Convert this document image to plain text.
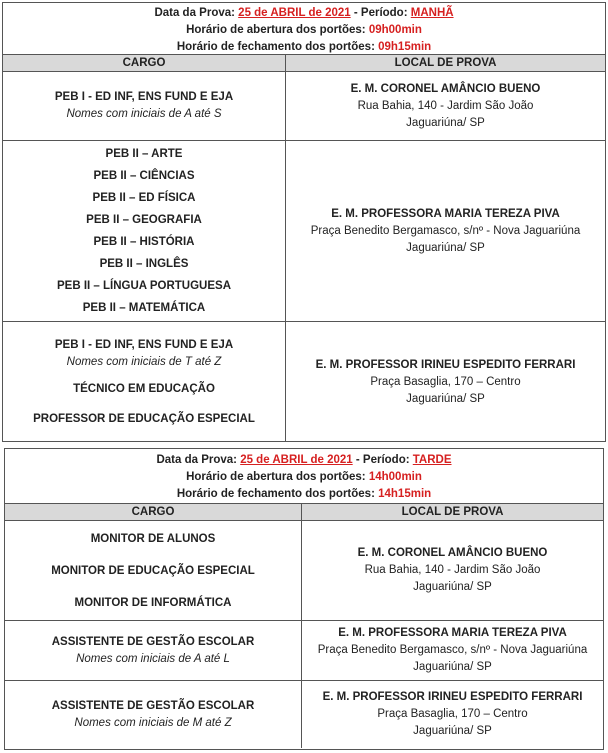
Data da Prova: 25 de ABRIL de 2021 - Período: MANHÃ
Horário de abertura dos portões: 09h00min
Horário de fechamento dos portões: 09h15min
CARGO	LOCAL DE PROVA
PEB I - ED INF, ENS FUND E EJA
Nomes com iniciais de A até S
E. M. CORONEL AMÂNCIO BUENO
Rua Bahia, 140 - Jardim São João
Jaguariúna/ SP
PEB II – ARTE
PEB II – CIÊNCIAS
PEB II – ED FÍSICA
PEB II – GEOGRAFIA
PEB II – HISTÓRIA
PEB II – INGLÊS
PEB II – LÍNGUA PORTUGUESA
PEB II – MATEMÁTICA
E. M. PROFESSORA MARIA TEREZA PIVA
Praça Benedito Bergamasco, s/nº - Nova Jaguariúna
Jaguariúna/ SP
PEB I - ED INF, ENS FUND E EJA
Nomes com iniciais de T até Z
TÉCNICO EM EDUCAÇÃO
PROFESSOR DE EDUCAÇÃO ESPECIAL
E. M. PROFESSOR IRINEU ESPEDITO FERRARI
Praça Basaglia, 170 – Centro
Jaguariúna/ SP
Data da Prova: 25 de ABRIL de 2021 - Período: TARDE
Horário de abertura dos portões: 14h00min
Horário de fechamento dos portões: 14h15min
CARGO	LOCAL DE PROVA
MONITOR DE ALUNOS
MONITOR DE EDUCAÇÃO ESPECIAL
MONITOR DE INFORMÁTICA
E. M. CORONEL AMÂNCIO BUENO
Rua Bahia, 140 - Jardim São João
Jaguariúna/ SP
ASSISTENTE DE GESTÃO ESCOLAR
Nomes com iniciais de A até L
E. M. PROFESSORA MARIA TEREZA PIVA
Praça Benedito Bergamasco, s/nº - Nova Jaguariúna
Jaguariúna/ SP
ASSISTENTE DE GESTÃO ESCOLAR
Nomes com iniciais de M até Z
E. M. PROFESSOR IRINEU ESPEDITO FERRARI
Praça Basaglia, 170 – Centro
Jaguariúna/ SP
